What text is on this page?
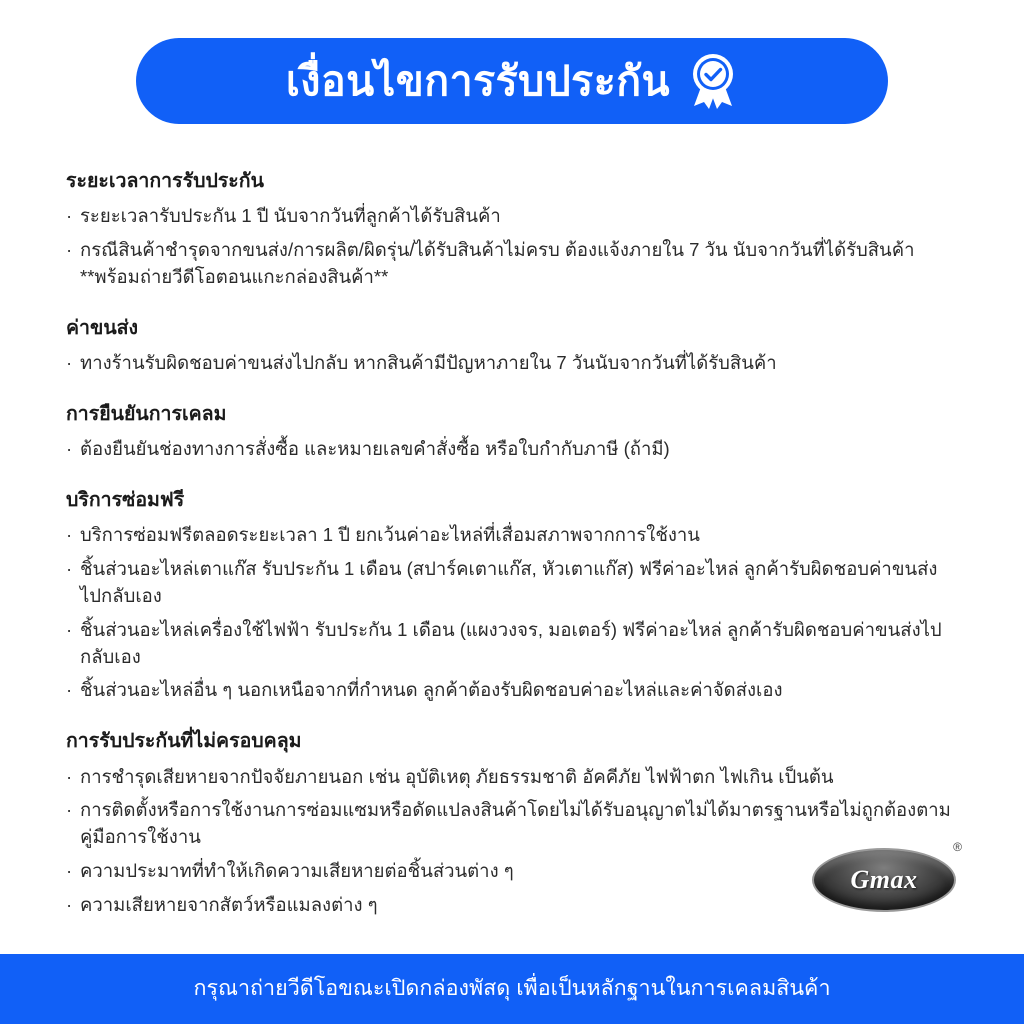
เงื่อนไขการรับประกัน
ระยะเวลาการรับประกัน
· ระยะเวลารับประกัน 1 ปี นับจากวันที่ลูกค้าได้รับสินค้า
· กรณีสินค้าชำรุดจากขนส่ง/การผลิต/ผิดรุ่น/ได้รับสินค้าไม่ครบ ต้องแจ้งภายใน 7 วัน นับจากวันที่ได้รับสินค้า **พร้อมถ่ายวีดีโอตอนแกะกล่องสินค้า**
ค่าขนส่ง
· ทางร้านรับผิดชอบค่าขนส่งไปกลับ หากสินค้ามีปัญหาภายใน 7 วันนับจากวันที่ได้รับสินค้า
การยืนยันการเคลม
· ต้องยืนยันช่องทางการสั่งซื้อ และหมายเลขคำสั่งซื้อ หรือใบกำกับภาษี (ถ้ามี)
บริการซ่อมฟรี
· บริการซ่อมฟรีตลอดระยะเวลา 1 ปี ยกเว้นค่าอะไหล่ที่เสื่อมสภาพจากการใช้งาน
· ชิ้นส่วนอะไหล่เตาแก๊ส รับประกัน 1 เดือน (สปาร์คเตาแก๊ส, หัวเตาแก๊ส) ฟรีค่าอะไหล่ ลูกค้ารับผิดชอบค่าขนส่งไปกลับเอง
· ชิ้นส่วนอะไหล่เครื่องใช้ไฟฟ้า รับประกัน 1 เดือน (แผงวงจร, มอเตอร์) ฟรีค่าอะไหล่ ลูกค้ารับผิดชอบค่าขนส่งไปกลับเอง
· ชิ้นส่วนอะไหล่อื่น ๆ นอกเหนือจากที่กำหนด ลูกค้าต้องรับผิดชอบค่าอะไหล่และค่าจัดส่งเอง
การรับประกันที่ไม่ครอบคลุม
· การชำรุดเสียหายจากปัจจัยภายนอก เช่น อุบัติเหตุ ภัยธรรมชาติ อัคคีภัย ไฟฟ้าตก ไฟเกิน เป็นต้น
· การติดตั้งหรือการใช้งานการซ่อมแซมหรือดัดแปลงสินค้าโดยไม่ได้รับอนุญาตไม่ได้มาตรฐานหรือไม่ถูกต้องตามคู่มือการใช้งาน
· ความประมาทที่ทำให้เกิดความเสียหายต่อชิ้นส่วนต่าง ๆ
· ความเสียหายจากสัตว์หรือแมลงต่าง ๆ
Gmax
®
กรุณาถ่ายวีดีโอขณะเปิดกล่องพัสดุ เพื่อเป็นหลักฐานในการเคลมสินค้า
